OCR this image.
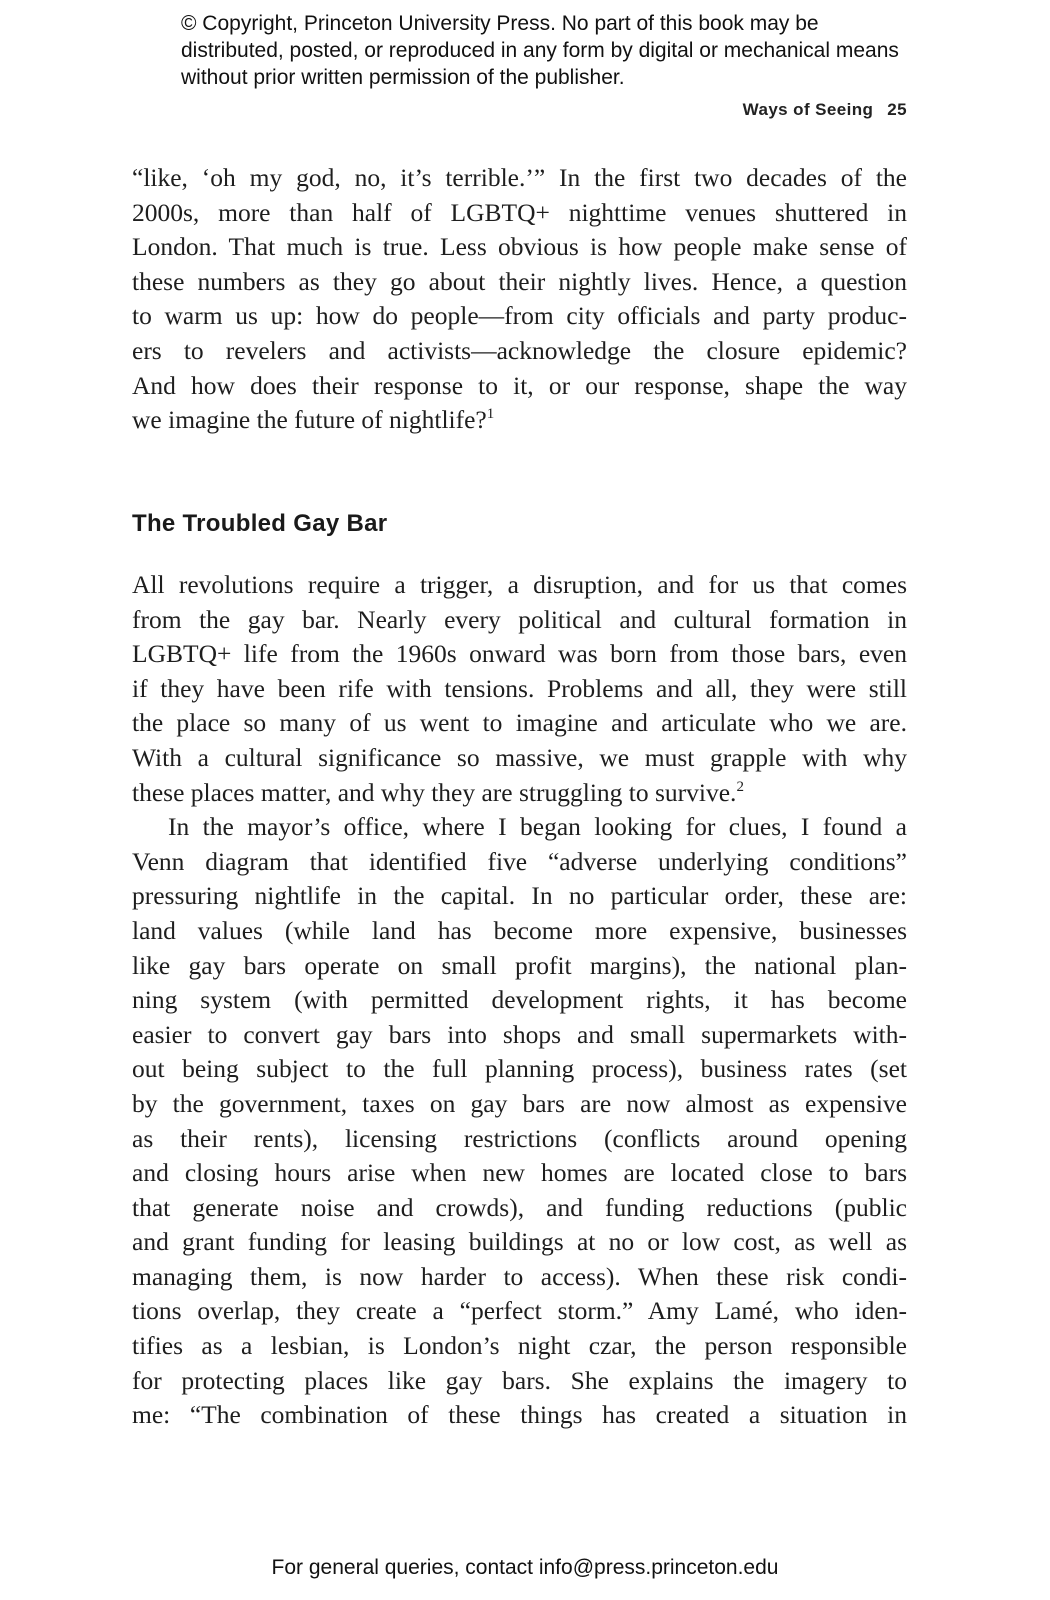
© Copyright, Princeton University Press. No part of this book may be distributed, posted, or reproduced in any form by digital or mechanical means without prior written permission of the publisher.
Ways of Seeing 25
“like, ‘oh my god, no, it’s terrible.’” In the first two decades of the
2000s, more than half of LGBTQ+ nighttime venues shuttered in
London. That much is true. Less obvious is how people make sense of
these numbers as they go about their nightly lives. Hence, a question
to warm us up: how do people—from city officials and party produc-
ers to revelers and activists—acknowledge the closure epidemic?
And how does their response to it, or our response, shape the way
we imagine the future of nightlife?$^1$
The Troubled Gay Bar
All revolutions require a trigger, a disruption, and for us that comes
from the gay bar. Nearly every political and cultural formation in
LGBTQ+ life from the 1960s onward was born from those bars, even
if they have been rife with tensions. Problems and all, they were still
the place so many of us went to imagine and articulate who we are.
With a cultural significance so massive, we must grapple with why
these places matter, and why they are struggling to survive.$^2$
In the mayor’s office, where I began looking for clues, I found a
Venn diagram that identified five “adverse underlying conditions”
pressuring nightlife in the capital. In no particular order, these are:
land values (while land has become more expensive, businesses
like gay bars operate on small profit margins), the national plan-
ning system (with permitted development rights, it has become
easier to convert gay bars into shops and small supermarkets with-
out being subject to the full planning process), business rates (set
by the government, taxes on gay bars are now almost as expensive
as their rents), licensing restrictions (conflicts around opening
and closing hours arise when new homes are located close to bars
that generate noise and crowds), and funding reductions (public
and grant funding for leasing buildings at no or low cost, as well as
managing them, is now harder to access). When these risk condi-
tions overlap, they create a “perfect storm.” Amy Lamé, who iden-
tifies as a lesbian, is London’s night czar, the person responsible
for protecting places like gay bars. She explains the imagery to
me: “The combination of these things has created a situation in
For general queries, contact info@press.princeton.edu
